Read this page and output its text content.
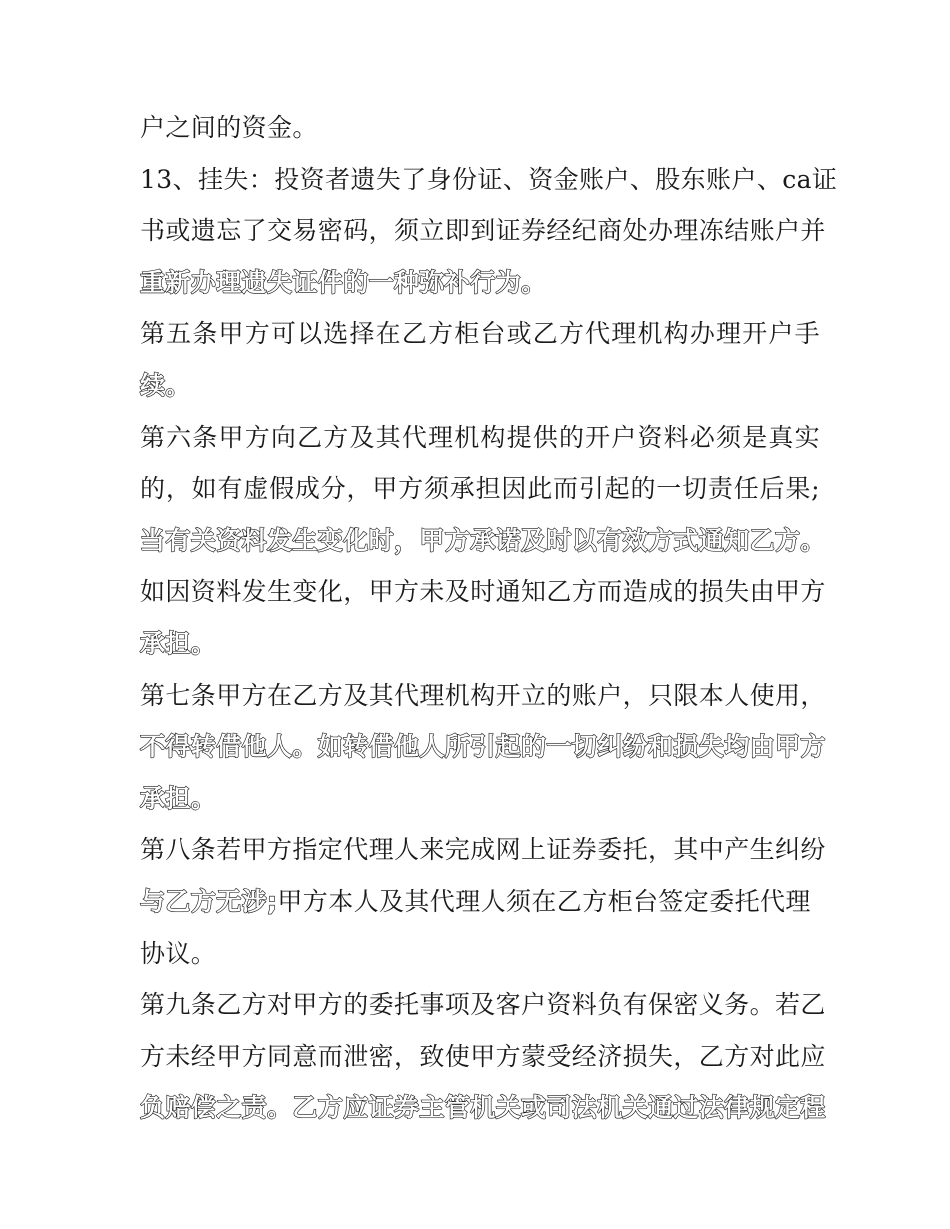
户之间的资金。
13、挂失：投资者遗失了身份证、资金账户、股东账户、ca证
书或遗忘了交易密码，须立即到证券经纪商处办理冻结账户并
重新办理遗失证件的一种弥补行为。
第五条甲方可以选择在乙方柜台或乙方代理机构办理开户手
续。
第六条甲方向乙方及其代理机构提供的开户资料必须是真实
的，如有虚假成分，甲方须承担因此而引起的一切责任后果;
当有关资料发生变化时，甲方承诺及时以有效方式通知乙方。
如因资料发生变化，甲方未及时通知乙方而造成的损失由甲方
承担。
第七条甲方在乙方及其代理机构开立的账户，只限本人使用，
不得转借他人。如转借他人所引起的一切纠纷和损失均由甲方
承担。
第八条若甲方指定代理人来完成网上证券委托，其中产生纠纷
与乙方无涉;甲方本人及其代理人须在乙方柜台签定委托代理
协议。
第九条乙方对甲方的委托事项及客户资料负有保密义务。若乙
方未经甲方同意而泄密，致使甲方蒙受经济损失，乙方对此应
负赔偿之责。乙方应证券主管机关或司法机关通过法律规定程
